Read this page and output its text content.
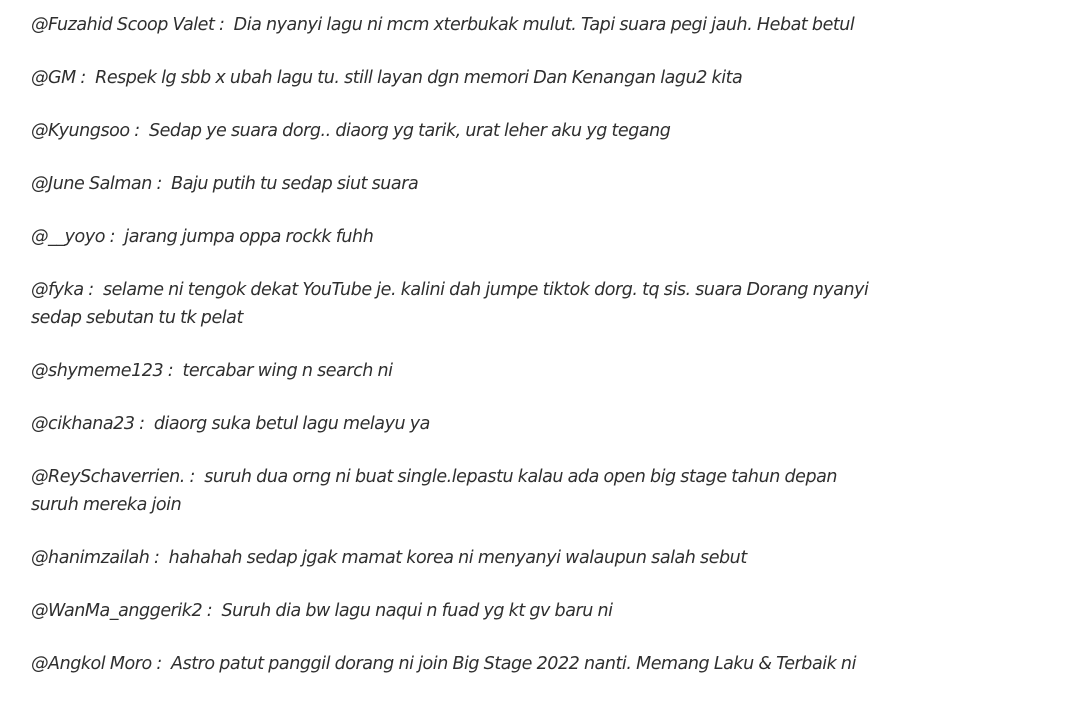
@Fuzahid Scoop Valet :  Dia nyanyi lagu ni mcm xterbukak mulut. Tapi suara pegi jauh. Hebat betul

@GM :  Respek lg sbb x ubah lagu tu. still layan dgn memori Dan Kenangan lagu2 kita

@Kyungsoo :  Sedap ye suara dorg.. diaorg yg tarik, urat leher aku yg tegang

@June Salman :  Baju putih tu sedap siut suara

@__yoyo :  jarang jumpa oppa rockk fuhh

@fyka :  selame ni tengok dekat YouTube je. kalini dah jumpe tiktok dorg. tq sis. suara Dorang nyanyi sedap sebutan tu tk pelat

@shymeme123 :  tercabar wing n search ni

@cikhana23 :  diaorg suka betul lagu melayu ya

@ReySchaverrien. :  suruh dua orng ni buat single.lepastu kalau ada open big stage tahun depan suruh mereka join

@hanimzailah :  hahahah sedap jgak mamat korea ni menyanyi walaupun salah sebut

@WanMa_anggerik2 :  Suruh dia bw lagu naqui n fuad yg kt gv baru ni

@Angkol Moro :  Astro patut panggil dorang ni join Big Stage 2022 nanti. Memang Laku & Terbaik ni
